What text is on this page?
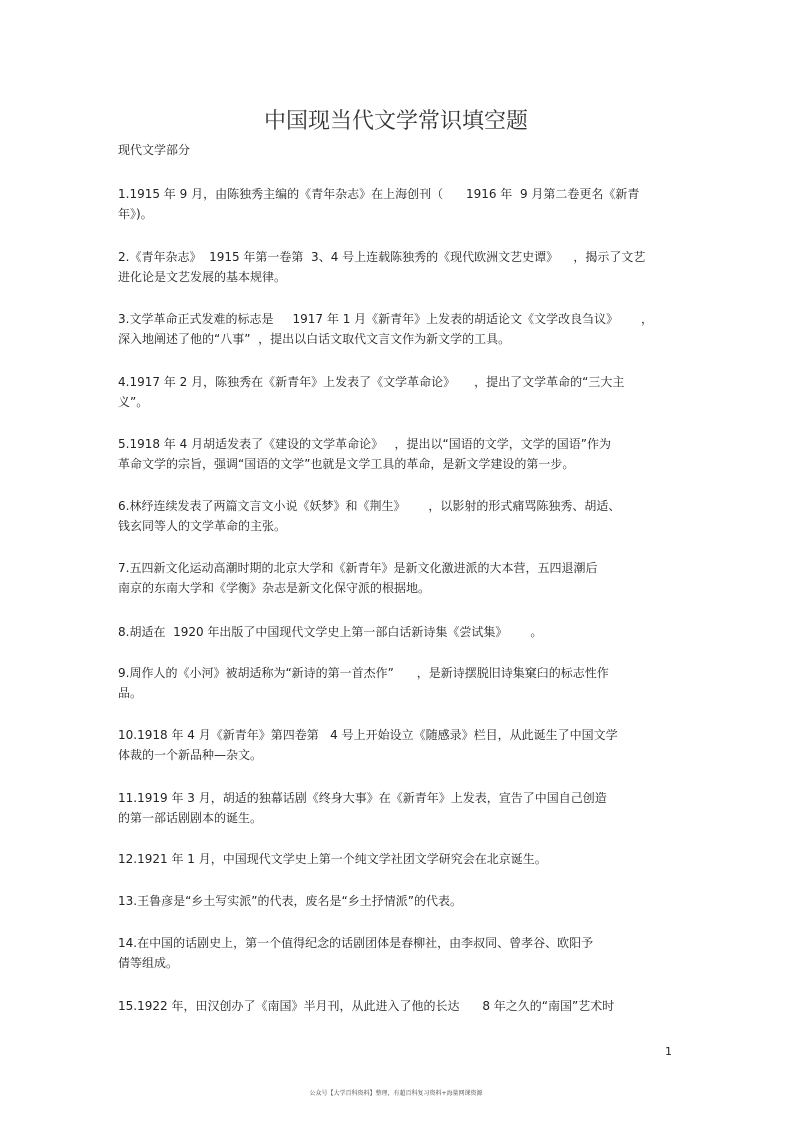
中国现当代文学常识填空题
现代文学部分
1.1915 年 9 月，由陈独秀主编的《青年杂志》在上海创刊（      1916 年  9 月第二卷更名《新青
年》)。
2.《青年杂志》  1915 年第一卷第  3、4 号上连载陈独秀的《现代欧洲文艺史谭》    ，揭示了文艺
进化论是文艺发展的基本规律。
3.文学革命正式发难的标志是     1917 年 1 月《新青年》上发表的胡适论文《文学改良刍议》      ，
深入地阐述了他的“八事”  ，提出以白话文取代文言文作为新文学的工具。
4.1917 年 2 月，陈独秀在《新青年》上发表了《文学革命论》     ，提出了文学革命的“三大主
义”。
5.1918 年 4 月胡适发表了《建设的文学革命论》   ，提出以“国语的文学，文学的国语”作为
革命文学的宗旨，强调“国语的文学”也就是文学工具的革命，是新文学建设的第一步。
6.林纾连续发表了两篇文言文小说《妖梦》和《荆生》      ，以影射的形式痛骂陈独秀、胡适、
钱玄同等人的文学革命的主张。
7.五四新文化运动高潮时期的北京大学和《新青年》是新文化激进派的大本营，五四退潮后
南京的东南大学和《学衡》杂志是新文化保守派的根据地。
8.胡适在  1920 年出版了中国现代文学史上第一部白话新诗集《尝试集》      。
9.周作人的《小河》被胡适称为“新诗的第一首杰作”      ，是新诗摆脱旧诗集窠臼的标志性作
品。
10.1918 年 4 月《新青年》第四卷第   4 号上开始设立《随感录》栏目，从此诞生了中国文学
体裁的一个新品种—杂文。
11.1919 年 3 月，胡适的独幕话剧《终身大事》在《新青年》上发表，宣告了中国自己创造
的第一部话剧剧本的诞生。
12.1921 年 1 月，中国现代文学史上第一个纯文学社团文学研究会在北京诞生。
13.王鲁彦是“乡土写实派”的代表，废名是“乡土抒情派”的代表。
14.在中国的话剧史上，第一个值得纪念的话剧团体是春柳社，由李叔同、曾孝谷、欧阳予
倩等组成。
15.1922 年，田汉创办了《南国》半月刊，从此进入了他的长达      8 年之久的“南国”艺术时
1
公众号【大学百科资料】整理，有超百科复习资料+海量网课资源
